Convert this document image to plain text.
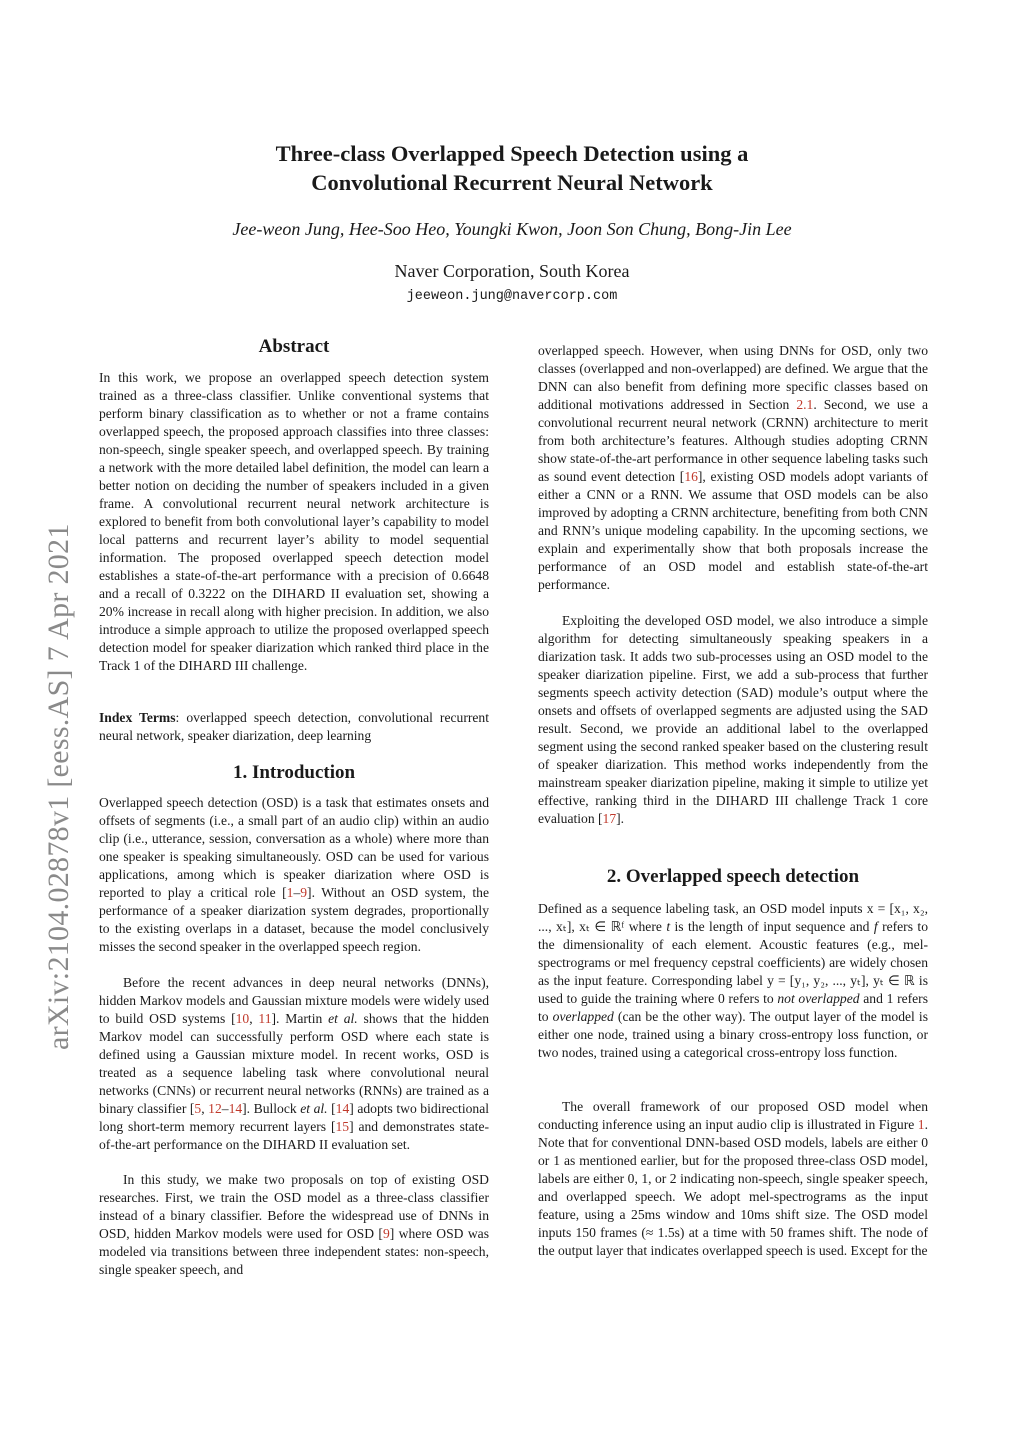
arXiv:2104.02878v1 [eess.AS] 7 Apr 2021
Three-class Overlapped Speech Detection using a
Convolutional Recurrent Neural Network
Jee-weon Jung, Hee-Soo Heo, Youngki Kwon, Joon Son Chung, Bong-Jin Lee
Naver Corporation, South Korea
jeeweon.jung@navercorp.com
Abstract

In this work, we propose an overlapped speech detection system trained as a three-class classifier. Unlike conventional systems that perform binary classification as to whether or not a frame contains overlapped speech, the proposed approach classifies into three classes: non-speech, single speaker speech, and overlapped speech. By training a network with the more detailed label definition, the model can learn a better notion on deciding the number of speakers included in a given frame. A convolutional recurrent neural network architecture is explored to benefit from both convolutional layer’s capability to model local patterns and recurrent layer’s ability to model sequential information. The proposed overlapped speech detection model establishes a state-of-the-art performance with a precision of 0.6648 and a recall of 0.3222 on the DIHARD II evaluation set, showing a 20% increase in recall along with higher precision. In addition, we also introduce a simple approach to utilize the proposed overlapped speech detection model for speaker diarization which ranked third place in the Track 1 of the DIHARD III challenge.

Index Terms: overlapped speech detection, convolutional recurrent neural network, speaker diarization, deep learning

1. Introduction

Overlapped speech detection (OSD) is a task that estimates onsets and offsets of segments (i.e., a small part of an audio clip) within an audio clip (i.e., utterance, session, conversation as a whole) where more than one speaker is speaking simultaneously. OSD can be used for various applications, among which is speaker diarization where OSD is reported to play a critical role [1–9]. Without an OSD system, the performance of a speaker diarization system degrades, proportionally to the existing overlaps in a dataset, because the model conclusively misses the second speaker in the overlapped speech region.

Before the recent advances in deep neural networks (DNNs), hidden Markov models and Gaussian mixture models were widely used to build OSD systems [10, 11]. Martin et al. shows that the hidden Markov model can successfully perform OSD where each state is defined using a Gaussian mixture model. In recent works, OSD is treated as a sequence labeling task where convolutional neural networks (CNNs) or recurrent neural networks (RNNs) are trained as a binary classifier [5, 12–14]. Bullock et al. [14] adopts two bidirectional long short-term memory recurrent layers [15] and demonstrates state-of-the-art performance on the DIHARD II evaluation set.

In this study, we make two proposals on top of existing OSD researches. First, we train the OSD model as a three-class classifier instead of a binary classifier. Before the widespread use of DNNs in OSD, hidden Markov models were used for OSD [9] where OSD was modeled via transitions between three independent states: non-speech, single speaker speech, and

overlapped speech. However, when using DNNs for OSD, only two classes (overlapped and non-overlapped) are defined. We argue that the DNN can also benefit from defining more specific classes based on additional motivations addressed in Section 2.1. Second, we use a convolutional recurrent neural network (CRNN) architecture to merit from both architecture’s features. Although studies adopting CRNN show state-of-the-art performance in other sequence labeling tasks such as sound event detection [16], existing OSD models adopt variants of either a CNN or a RNN. We assume that OSD models can be also improved by adopting a CRNN architecture, benefiting from both CNN and RNN’s unique modeling capability. In the upcoming sections, we explain and experimentally show that both proposals increase the performance of an OSD model and establish state-of-the-art performance.

Exploiting the developed OSD model, we also introduce a simple algorithm for detecting simultaneously speaking speakers in a diarization task. It adds two sub-processes using an OSD model to the speaker diarization pipeline. First, we add a sub-process that further segments speech activity detection (SAD) module’s output where the onsets and offsets of overlapped segments are adjusted using the SAD result. Second, we provide an additional label to the overlapped segment using the second ranked speaker based on the clustering result of speaker diarization. This method works independently from the mainstream speaker diarization pipeline, making it simple to utilize yet effective, ranking third in the DIHARD III challenge Track 1 core evaluation [17].

2. Overlapped speech detection

Defined as a sequence labeling task, an OSD model inputs x = [x₁, x₂, ..., xₜ], xₜ ∈ ℝᶠ where t is the length of input sequence and f refers to the dimensionality of each element. Acoustic features (e.g., mel-spectrograms or mel frequency cepstral coefficients) are widely chosen as the input feature. Corresponding label y = [y₁, y₂, ..., yₜ], yₜ ∈ ℝ is used to guide the training where 0 refers to not overlapped and 1 refers to overlapped (can be the other way). The output layer of the model is either one node, trained using a binary cross-entropy loss function, or two nodes, trained using a categorical cross-entropy loss function.

The overall framework of our proposed OSD model when conducting inference using an input audio clip is illustrated in Figure 1. Note that for conventional DNN-based OSD models, labels are either 0 or 1 as mentioned earlier, but for the proposed three-class OSD model, labels are either 0, 1, or 2 indicating non-speech, single speaker speech, and overlapped speech. We adopt mel-spectrograms as the input feature, using a 25ms window and 10ms shift size. The OSD model inputs 150 frames (≈ 1.5s) at a time with 50 frames shift. The node of the output layer that indicates overlapped speech is used. Except for the
